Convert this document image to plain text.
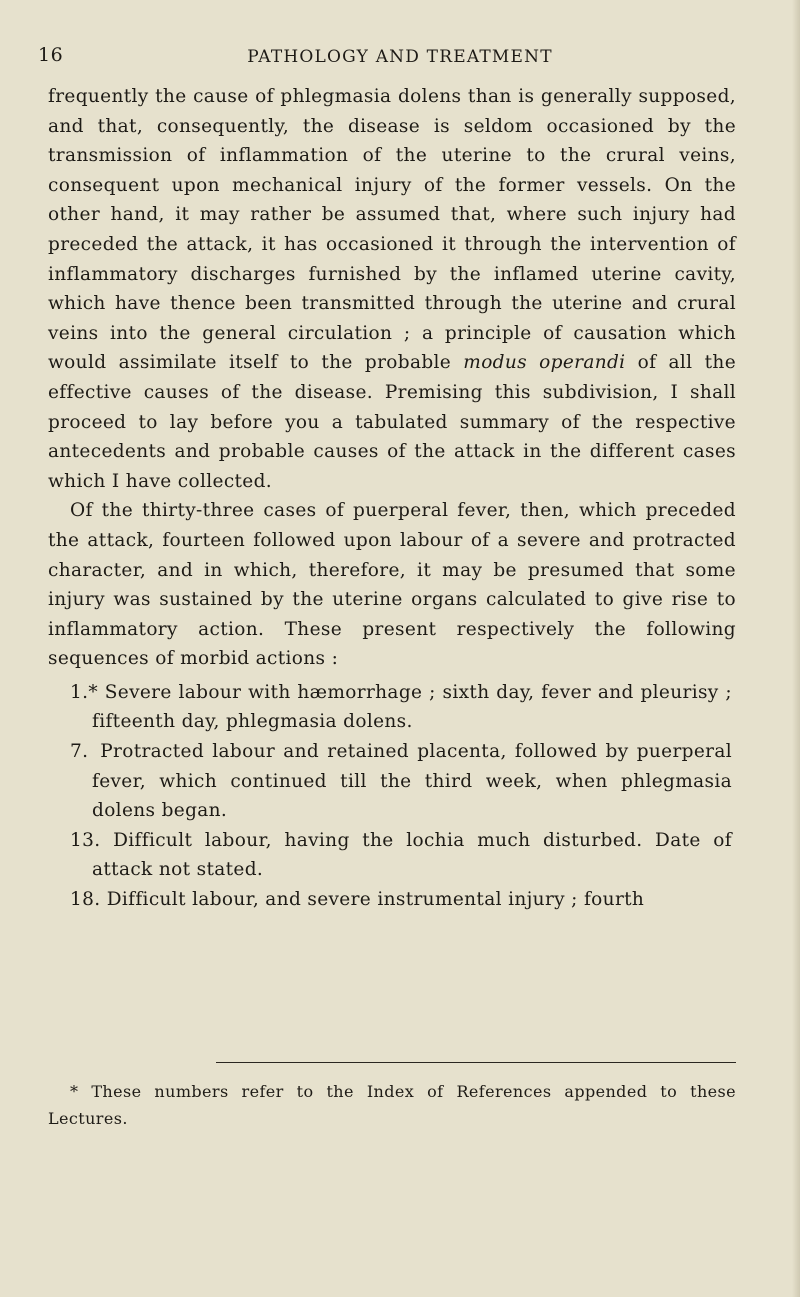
16	PATHOLOGY AND TREATMENT

frequently the cause of phlegmasia dolens than is generally supposed, and that, consequently, the disease is seldom occasioned by the transmission of inflammation of the uterine to the crural veins, consequent upon mechanical injury of the former vessels. On the other hand, it may rather be assumed that, where such injury had preceded the attack, it has occasioned it through the intervention of inflammatory discharges furnished by the inflamed uterine cavity, which have thence been transmitted through the uterine and crural veins into the general circulation ; a principle of causation which would assimilate itself to the probable modus operandi of all the effective causes of the disease. Premising this subdivision, I shall proceed to lay before you a tabulated summary of the respective antecedents and probable causes of the attack in the different cases which I have collected.

Of the thirty-three cases of puerperal fever, then, which preceded the attack, fourteen followed upon labour of a severe and protracted character, and in which, therefore, it may be presumed that some injury was sustained by the uterine organs calculated to give rise to inflammatory action. These present respectively the following sequences of morbid actions :

1.* Severe labour with hæmorrhage ; sixth day, fever and pleurisy ; fifteenth day, phlegmasia dolens.
7. Protracted labour and retained placenta, followed by puerperal fever, which continued till the third week, when phlegmasia dolens began.
13. Difficult labour, having the lochia much disturbed. Date of attack not stated.
18. Difficult labour, and severe instrumental injury ; fourth

* These numbers refer to the Index of References appended to these Lectures.
